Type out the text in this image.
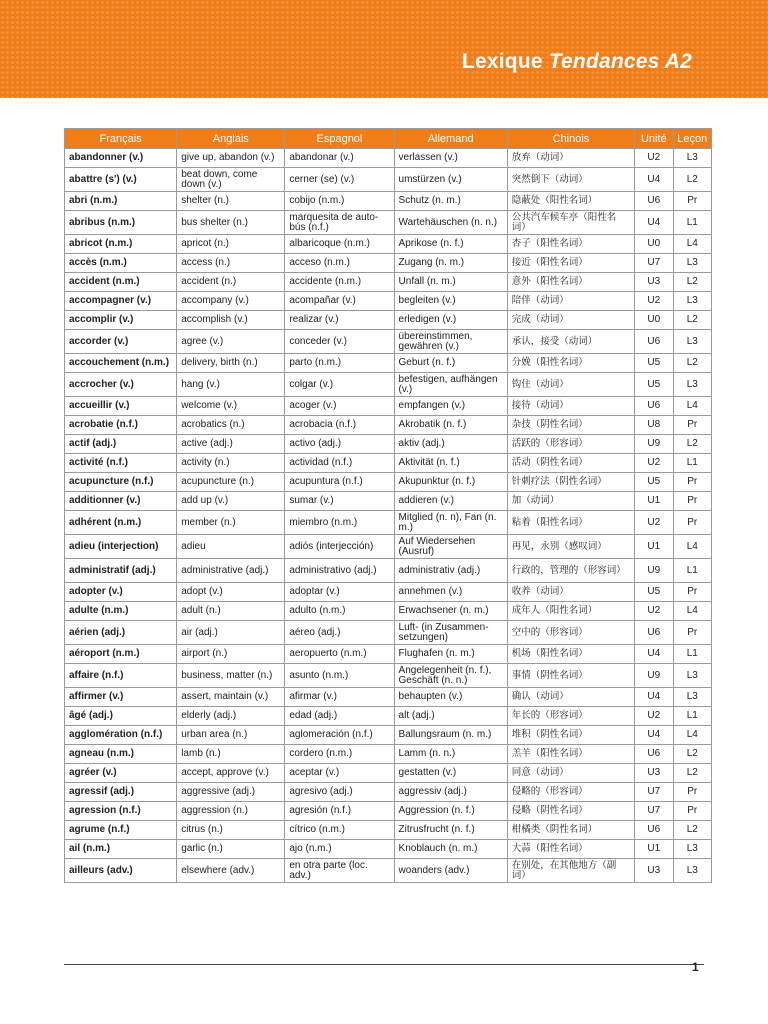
Lexique Tendances A2
Français	Anglais	Espagnol	Allemand	Chinois	Unité	Leçon
abandonner (v.)	give up, abandon (v.)	abandonar (v.)	verlassen (v.)	放弃（动词）	U2	L3
abattre (s') (v.)	beat down, come down (v.)	cerner (se) (v.)	umstürzen (v.)	突然倒下（动词）	U4	L2
abri (n.m.)	shelter (n.)	cobijo (n.m.)	Schutz (n. m.)	隐蔽处（阳性名词）	U6	Pr
abribus (n.m.)	bus shelter (n.)	marquesita de auto-bús (n.f.)	Wartehäuschen (n. n.)	公共汽车候车亭（阳性名词）	U4	L1
abricot (n.m.)	apricot (n.)	albaricoque (n.m.)	Aprikose (n. f.)	杏子（阳性名词）	U0	L4
accès (n.m.)	access (n.)	acceso (n.m.)	Zugang (n. m.)	接近（阳性名词）	U7	L3
accident (n.m.)	accident (n.)	accidente (n.m.)	Unfall (n. m.)	意外（阳性名词）	U3	L2
accompagner (v.)	accompany (v.)	acompañar (v.)	begleiten (v.)	陪伴（动词）	U2	L3
accomplir (v.)	accomplish (v.)	realizar (v.)	erledigen (v.)	完成（动词）	U0	L2
accorder (v.)	agree (v.)	conceder (v.)	übereinstimmen, gewähren (v.)	承认，接受（动词）	U6	L3
accouchement (n.m.)	delivery, birth (n.)	parto (n.m.)	Geburt (n. f.)	分娩（阳性名词）	U5	L2
accrocher (v.)	hang (v.)	colgar (v.)	befestigen, aufhängen (v.)	钩住（动词）	U5	L3
accueillir (v.)	welcome (v.)	acoger (v.)	empfangen (v.)	接待（动词）	U6	L4
acrobatie (n.f.)	acrobatics (n.)	acrobacia (n.f.)	Akrobatik (n. f.)	杂技（阴性名词）	U8	Pr
actif (adj.)	active (adj.)	activo (adj.)	aktiv (adj.)	活跃的（形容词）	U9	L2
activité (n.f.)	activity (n.)	actividad (n.f.)	Aktivität (n. f.)	活动（阴性名词）	U2	L1
acupuncture (n.f.)	acupuncture (n.)	acupuntura (n.f.)	Akupunktur (n. f.)	针刺疗法（阴性名词）	U5	Pr
additionner (v.)	add up (v.)	sumar (v.)	addieren (v.)	加（动词）	U1	Pr
adhérent (n.m.)	member (n.)	miembro (n.m.)	Mitglied (n. n), Fan (n. m.)	粘着（阳性名词）	U2	Pr
adieu (interjection)	adieu	adiós (interjección)	Auf Wiedersehen (Ausruf)	再见，永别（感叹词）	U1	L4
administratif (adj.)	administrative (adj.)	administrativo (adj.)	administrativ (adj.)	行政的，管理的（形容词）	U9	L1
adopter (v.)	adopt (v.)	adoptar (v.)	annehmen (v.)	收养（动词）	U5	Pr
adulte (n.m.)	adult (n.)	adulto (n.m.)	Erwachsener (n. m.)	成年人（阳性名词）	U2	L4
aérien (adj.)	air (adj.)	aéreo (adj.)	Luft- (in Zusammen-setzungen)	空中的（形容词）	U6	Pr
aéroport (n.m.)	airport (n.)	aeropuerto (n.m.)	Flughafen (n. m.)	机场（阳性名词）	U4	L1
affaire (n.f.)	business, matter (n.)	asunto (n.m.)	Angelegenheit (n. f.), Geschäft (n. n.)	事情（阴性名词）	U9	L3
affirmer (v.)	assert, maintain (v.)	afirmar (v.)	behaupten (v.)	确认（动词）	U4	L3
âgé (adj.)	elderly (adj.)	edad (adj.)	alt (adj.)	年长的（形容词）	U2	L1
agglomération (n.f.)	urban area (n.)	aglomeración (n.f.)	Ballungsraum (n. m.)	堆积（阴性名词）	U4	L4
agneau (n.m.)	lamb (n.)	cordero (n.m.)	Lamm (n. n.)	羔羊（阳性名词）	U6	L2
agréer (v.)	accept, approve (v.)	aceptar (v.)	gestatten (v.)	同意（动词）	U3	L2
agressif (adj.)	aggressive (adj.)	agresivo (adj.)	aggressiv (adj.)	侵略的（形容词）	U7	Pr
agression (n.f.)	aggression (n.)	agresión (n.f.)	Aggression (n. f.)	侵略（阴性名词）	U7	Pr
agrume (n.f.)	citrus (n.)	cítrico (n.m.)	Zitrusfrucht (n. f.)	柑橘类（阴性名词）	U6	L2
ail (n.m.)	garlic (n.)	ajo (n.m.)	Knoblauch (n. m.)	大蒜（阳性名词）	U1	L3
ailleurs (adv.)	elsewhere (adv.)	en otra parte (loc. adv.)	woanders (adv.)	在别处，在其他地方（副词）	U3	L3
1
